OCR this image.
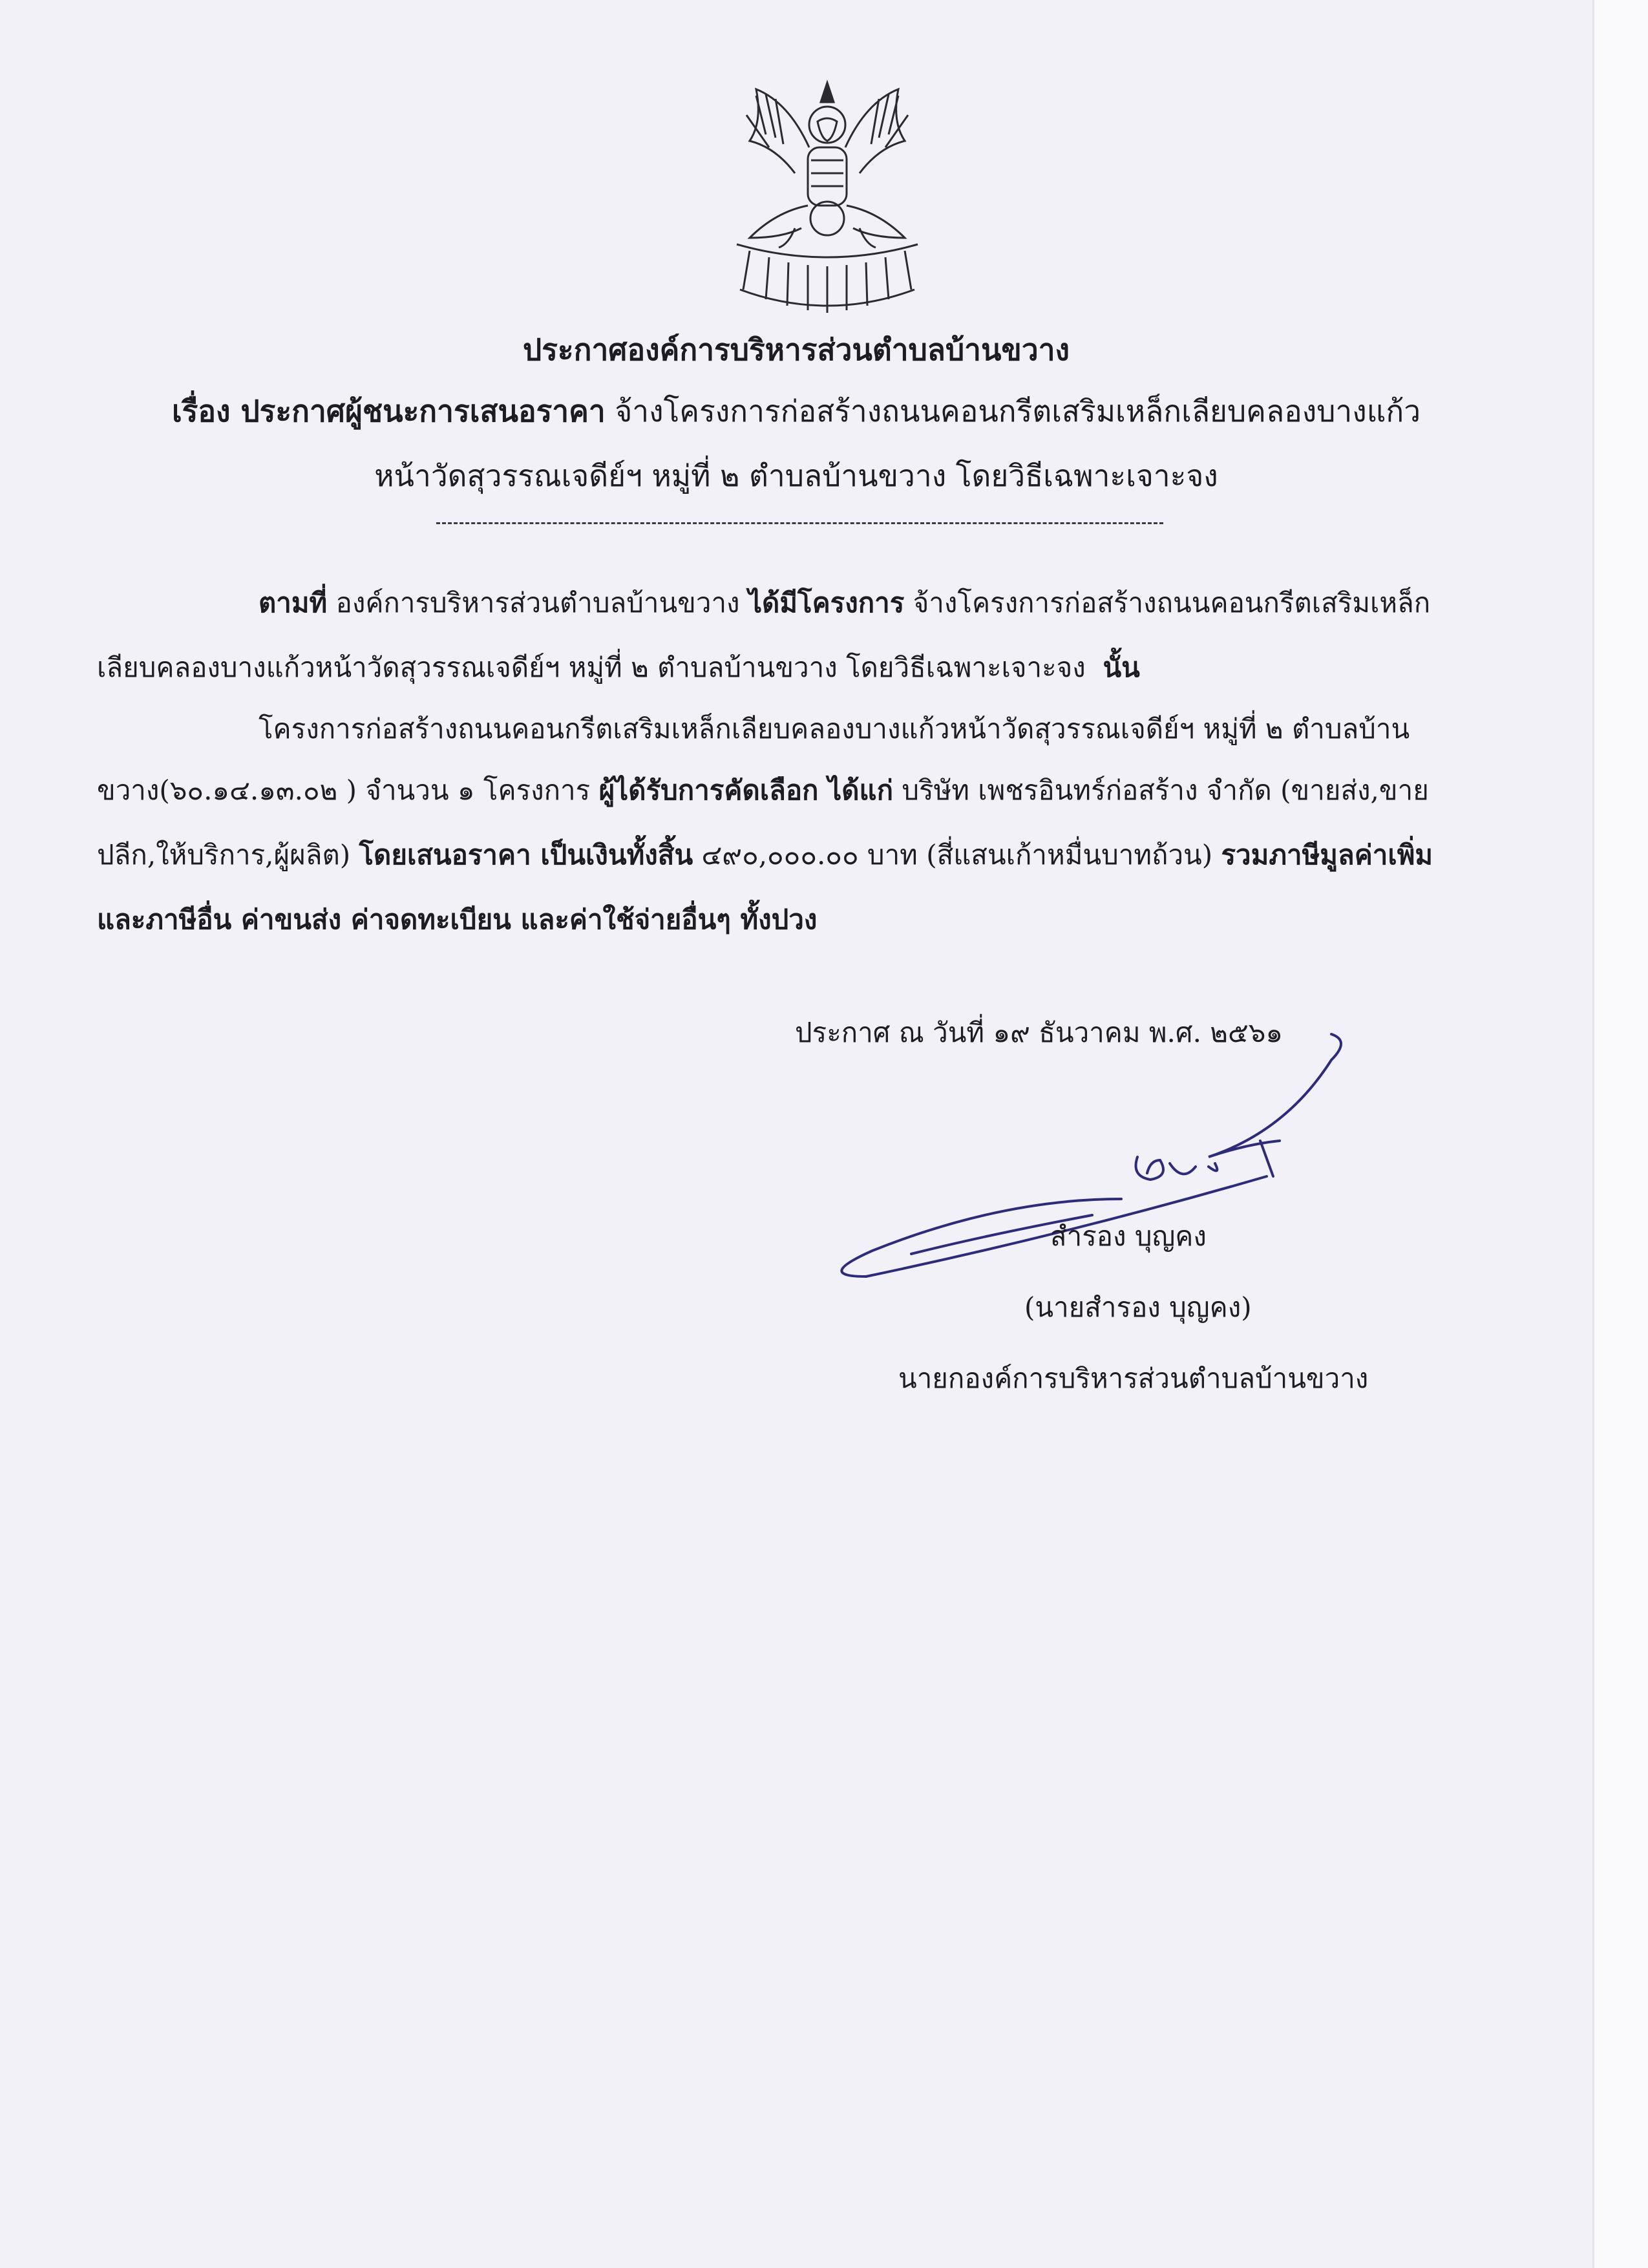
ประกาศองค์การบริหารส่วนตำบลบ้านขวาง
เรื่อง ประกาศผู้ชนะการเสนอราคา จ้างโครงการก่อสร้างถนนคอนกรีตเสริมเหล็กเลียบคลองบางแก้ว
หน้าวัดสุวรรณเจดีย์ฯ หมู่ที่ ๒ ตำบลบ้านขวาง โดยวิธีเฉพาะเจาะจง
ตามที่ องค์การบริหารส่วนตำบลบ้านขวาง ได้มีโครงการ จ้างโครงการก่อสร้างถนนคอนกรีตเสริมเหล็ก
เลียบคลองบางแก้วหน้าวัดสุวรรณเจดีย์ฯ หมู่ที่ ๒ ตำบลบ้านขวาง โดยวิธีเฉพาะเจาะจง นั้น
โครงการก่อสร้างถนนคอนกรีตเสริมเหล็กเลียบคลองบางแก้วหน้าวัดสุวรรณเจดีย์ฯ หมู่ที่ ๒ ตำบลบ้าน
ขวาง(๖๐.๑๔.๑๓.๐๒ ) จำนวน ๑ โครงการ ผู้ได้รับการคัดเลือก ได้แก่ บริษัท เพชรอินทร์ก่อสร้าง จำกัด (ขายส่ง,ขาย
ปลีก,ให้บริการ,ผู้ผลิต) โดยเสนอราคา เป็นเงินทั้งสิ้น ๔๙๐,๐๐๐.๐๐ บาท (สี่แสนเก้าหมื่นบาทถ้วน) รวมภาษีมูลค่าเพิ่ม
และภาษีอื่น ค่าขนส่ง ค่าจดทะเบียน และค่าใช้จ่ายอื่นๆ ทั้งปวง
ประกาศ ณ วันที่ ๑๙ ธันวาคม พ.ศ. ๒๕๖๑
สำรอง บุญคง
(นายสำรอง บุญคง)
นายกองค์การบริหารส่วนตำบลบ้านขวาง
